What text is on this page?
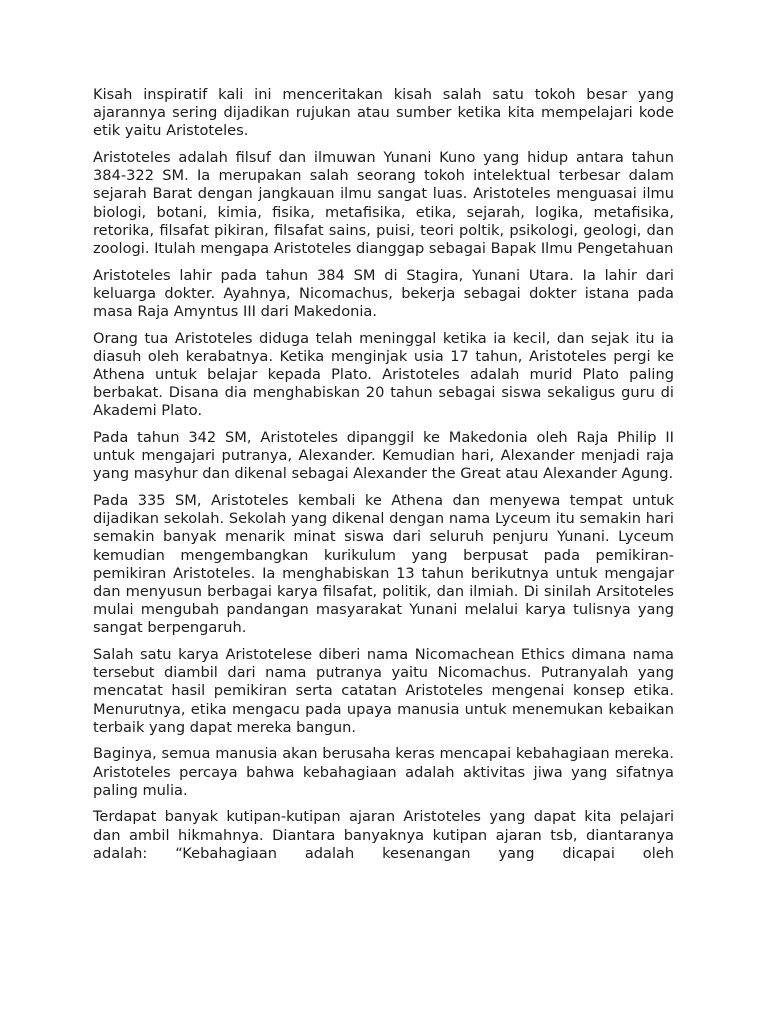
Kisah inspiratif kali ini menceritakan kisah salah satu tokoh besar yang ajarannya sering dijadikan rujukan atau sumber ketika kita mempelajari kode etik yaitu Aristoteles.

Aristoteles adalah filsuf dan ilmuwan Yunani Kuno yang hidup antara tahun 384-322 SM. Ia merupakan salah seorang tokoh intelektual terbesar dalam sejarah Barat dengan jangkauan ilmu sangat luas. Aristoteles menguasai ilmu biologi, botani, kimia, fisika, metafisika, etika, sejarah, logika, metafisika, retorika, filsafat pikiran, filsafat sains, puisi, teori poltik, psikologi, geologi, dan zoologi. Itulah mengapa Aristoteles dianggap sebagai Bapak Ilmu Pengetahuan

Aristoteles lahir pada tahun 384 SM di Stagira, Yunani Utara. Ia lahir dari keluarga dokter. Ayahnya, Nicomachus, bekerja sebagai dokter istana pada masa Raja Amyntus III dari Makedonia.

Orang tua Aristoteles diduga telah meninggal ketika ia kecil, dan sejak itu ia diasuh oleh kerabatnya. Ketika menginjak usia 17 tahun, Aristoteles pergi ke Athena untuk belajar kepada Plato. Aristoteles adalah murid Plato paling berbakat. Disana dia menghabiskan 20 tahun sebagai siswa sekaligus guru di Akademi Plato.

Pada tahun 342 SM, Aristoteles dipanggil ke Makedonia oleh Raja Philip II untuk mengajari putranya, Alexander. Kemudian hari, Alexander menjadi raja yang masyhur dan dikenal sebagai Alexander the Great atau Alexander Agung.

Pada 335 SM, Aristoteles kembali ke Athena dan menyewa tempat untuk dijadikan sekolah. Sekolah yang dikenal dengan nama Lyceum itu semakin hari semakin banyak menarik minat siswa dari seluruh penjuru Yunani. Lyceum kemudian mengembangkan kurikulum yang berpusat pada pemikiran-pemikiran Aristoteles. Ia menghabiskan 13 tahun berikutnya untuk mengajar dan menyusun berbagai karya filsafat, politik, dan ilmiah. Di sinilah Arsitoteles mulai mengubah pandangan masyarakat Yunani melalui karya tulisnya yang sangat berpengaruh.

Salah satu karya Aristotelese diberi nama Nicomachean Ethics dimana nama tersebut diambil dari nama putranya yaitu Nicomachus. Putranyalah yang mencatat hasil pemikiran serta catatan Aristoteles mengenai konsep etika. Menurutnya, etika mengacu pada upaya manusia untuk menemukan kebaikan terbaik yang dapat mereka bangun.

Baginya, semua manusia akan berusaha keras mencapai kebahagiaan mereka. Aristoteles percaya bahwa kebahagiaan adalah aktivitas jiwa yang sifatnya paling mulia.

Terdapat banyak kutipan-kutipan ajaran Aristoteles yang dapat kita pelajari dan ambil hikmahnya. Diantara banyaknya kutipan ajaran tsb, diantaranya adalah: “Kebahagiaan adalah kesenangan yang dicapai oleh
